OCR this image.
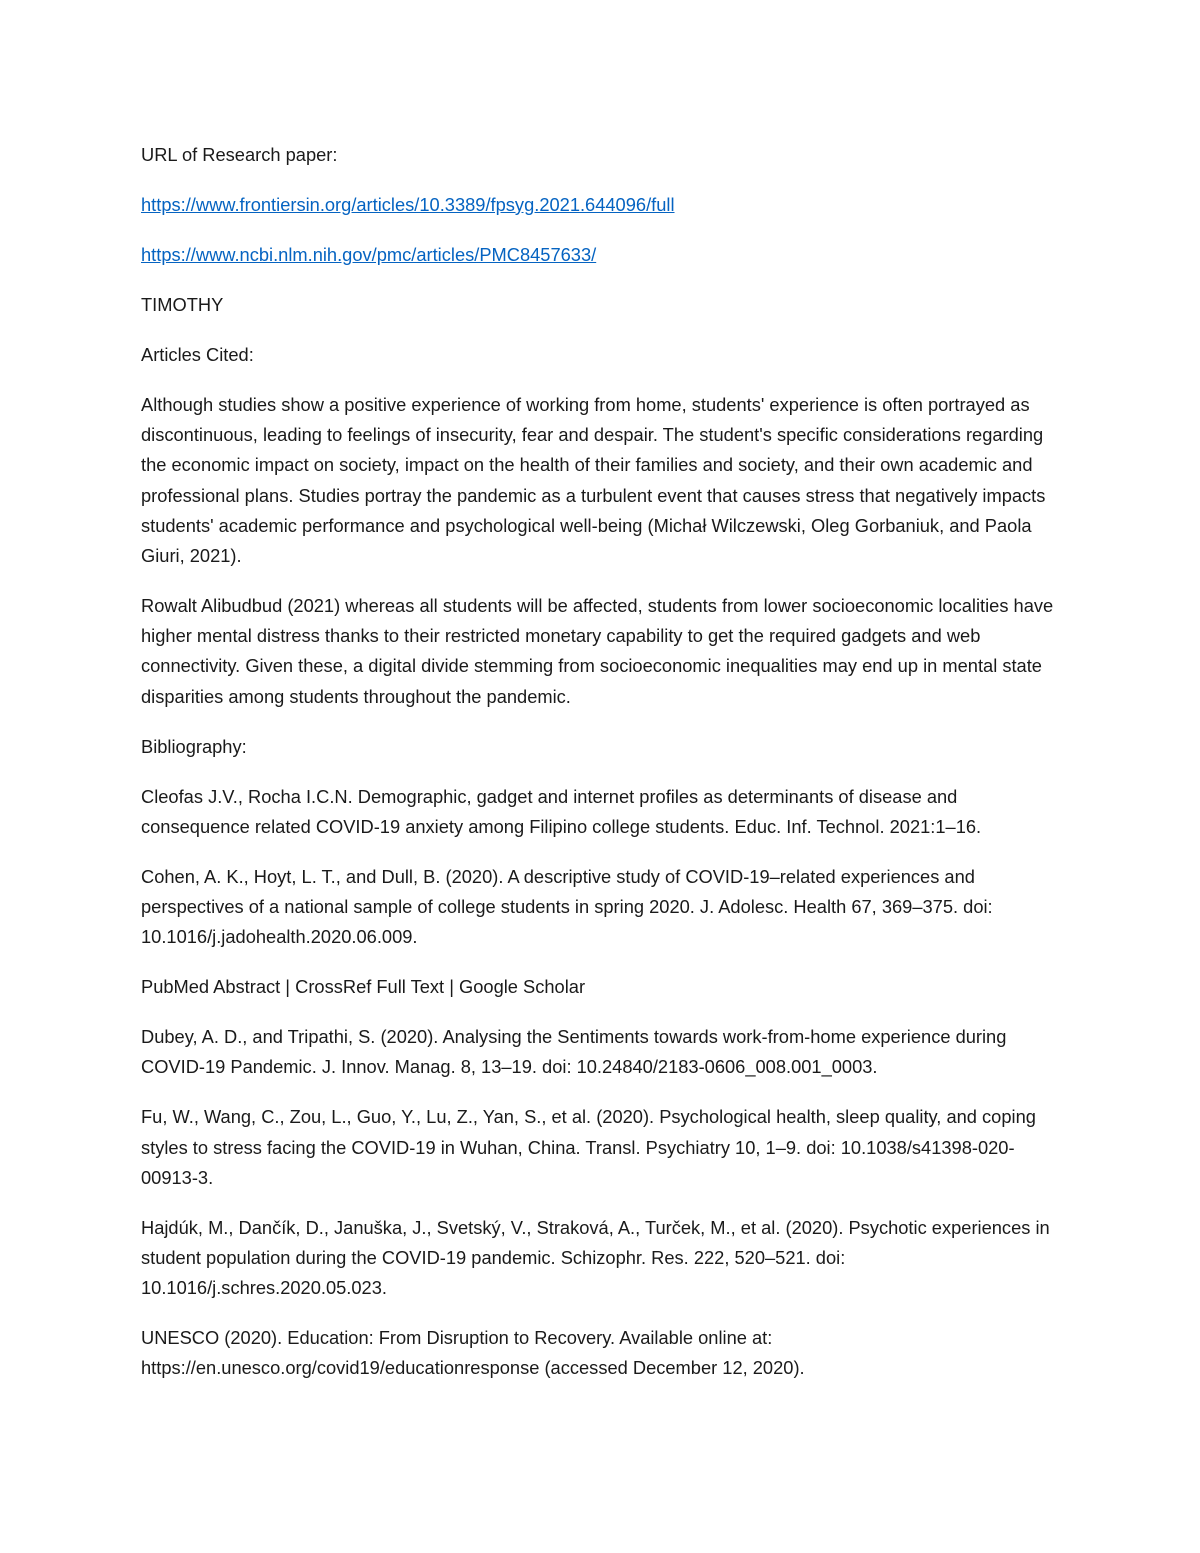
URL of Research paper:

https://www.frontiersin.org/articles/10.3389/fpsyg.2021.644096/full

https://www.ncbi.nlm.nih.gov/pmc/articles/PMC8457633/

TIMOTHY

Articles Cited:

Although studies show a positive experience of working from home, students' experience is often portrayed as discontinuous, leading to feelings of insecurity, fear and despair. The student's specific considerations regarding the economic impact on society, impact on the health of their families and society, and their own academic and professional plans. Studies portray the pandemic as a turbulent event that causes stress that negatively impacts students' academic performance and psychological well-being (Michał Wilczewski, Oleg Gorbaniuk, and Paola Giuri, 2021).

Rowalt Alibudbud (2021) whereas all students will be affected, students from lower socioeconomic localities have higher mental distress thanks to their restricted monetary capability to get the required gadgets and web connectivity. Given these, a digital divide stemming from socioeconomic inequalities may end up in mental state disparities among students throughout the pandemic.

Bibliography:

Cleofas J.V., Rocha I.C.N. Demographic, gadget and internet profiles as determinants of disease and consequence related COVID-19 anxiety among Filipino college students. Educ. Inf. Technol. 2021:1–16.

Cohen, A. K., Hoyt, L. T., and Dull, B. (2020). A descriptive study of COVID-19–related experiences and perspectives of a national sample of college students in spring 2020. J. Adolesc. Health 67, 369–375. doi: 10.1016/j.jadohealth.2020.06.009.

PubMed Abstract | CrossRef Full Text | Google Scholar

Dubey, A. D., and Tripathi, S. (2020). Analysing the Sentiments towards work-from-home experience during COVID-19 Pandemic. J. Innov. Manag. 8, 13–19. doi: 10.24840/2183-0606_008.001_0003.

Fu, W., Wang, C., Zou, L., Guo, Y., Lu, Z., Yan, S., et al. (2020). Psychological health, sleep quality, and coping styles to stress facing the COVID-19 in Wuhan, China. Transl. Psychiatry 10, 1–9. doi: 10.1038/s41398-020-00913-3.

Hajdúk, M., Dančík, D., Januška, J., Svetský, V., Straková, A., Turček, M., et al. (2020). Psychotic experiences in student population during the COVID-19 pandemic. Schizophr. Res. 222, 520–521. doi: 10.1016/j.schres.2020.05.023.

UNESCO (2020). Education: From Disruption to Recovery. Available online at: https://en.unesco.org/covid19/educationresponse (accessed December 12, 2020).
